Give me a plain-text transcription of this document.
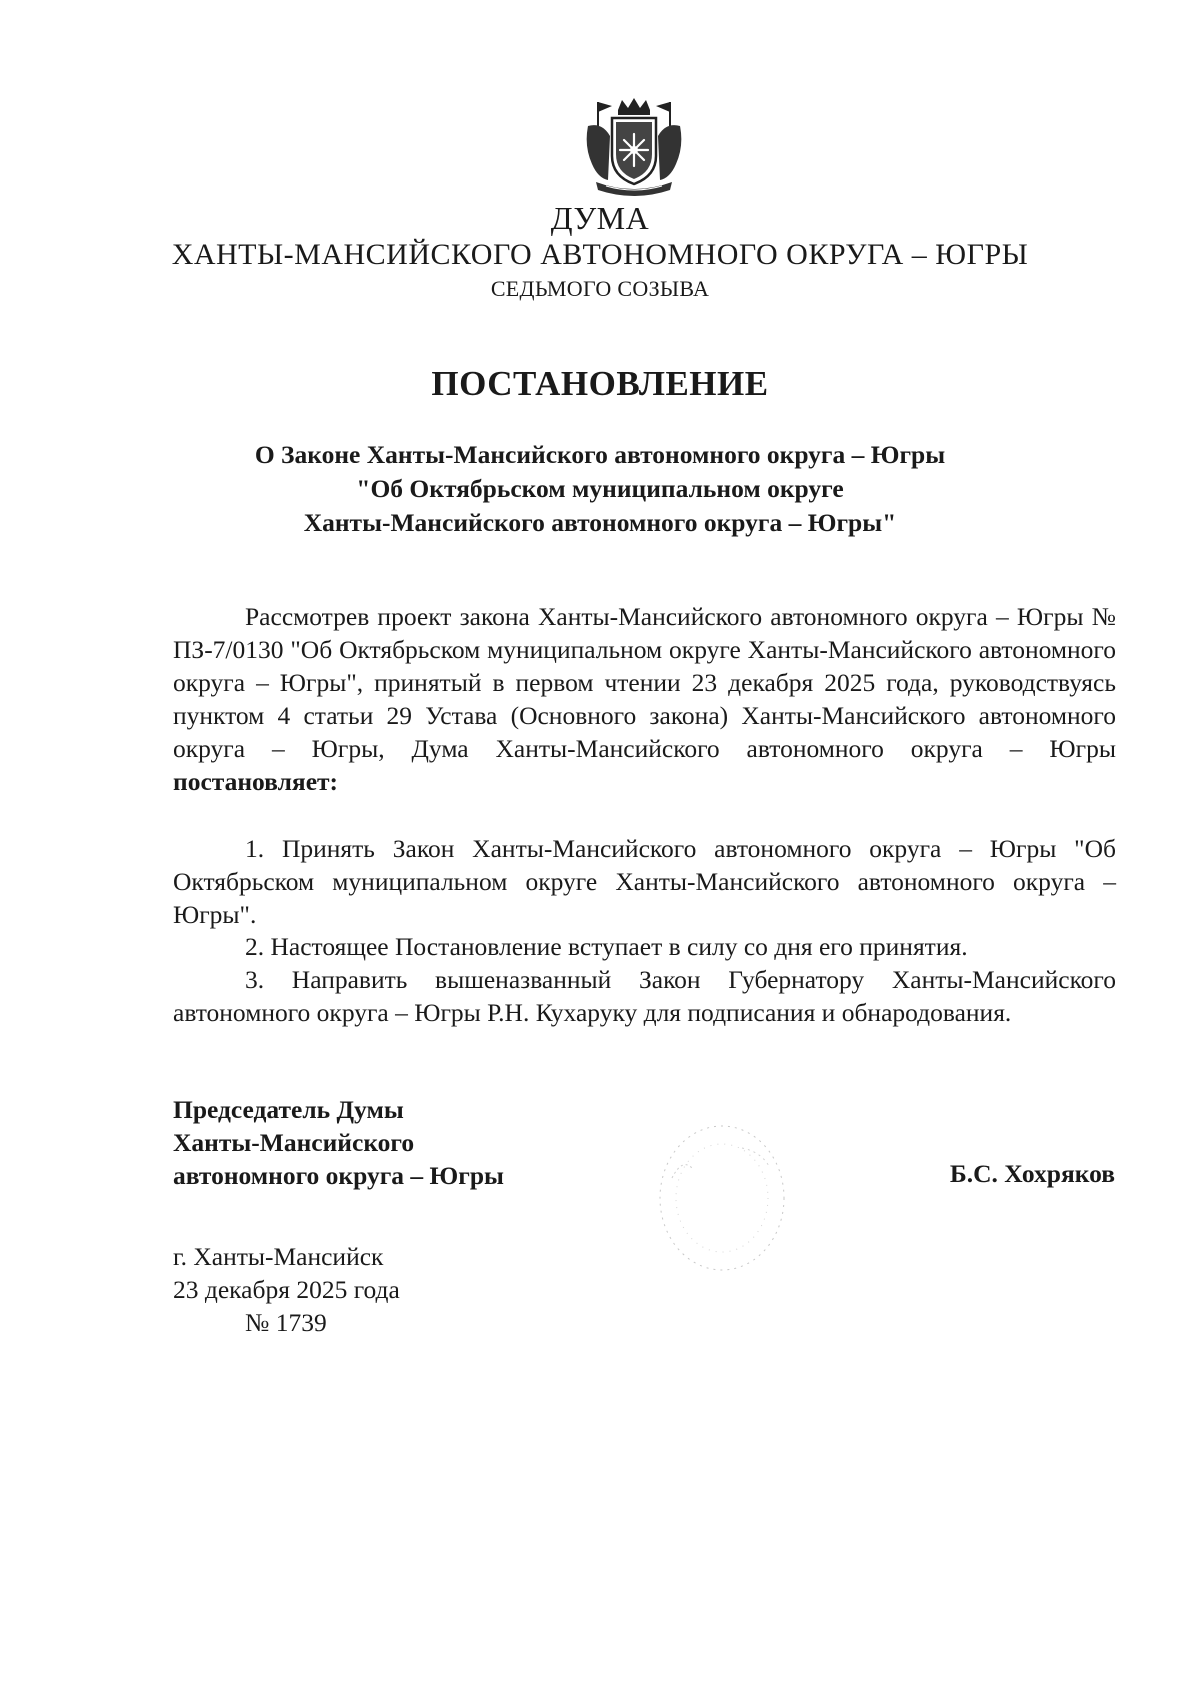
ДУМА
ХАНТЫ-МАНСИЙСКОГО АВТОНОМНОГО ОКРУГА – ЮГРЫ
СЕДЬМОГО СОЗЫВА
ПОСТАНОВЛЕНИЕ
О Законе Ханты-Мансийского автономного округа – Югры
"Об Октябрьском муниципальном округе
Ханты-Мансийского автономного округа – Югры"
Рассмотрев проект закона Ханты-Мансийского автономного округа – Югры № ПЗ-7/0130 "Об Октябрьском муниципальном округе Ханты-Мансийского автономного округа – Югры", принятый в первом чтении 23 декабря 2025 года, руководствуясь пунктом 4 статьи 29 Устава (Основного закона) Ханты-Мансийского автономного округа – Югры, Дума Ханты-Мансийского автономного округа – Югры постановляет:
1. Принять Закон Ханты-Мансийского автономного округа – Югры "Об Октябрьском муниципальном округе Ханты-Мансийского автономного округа – Югры".
2. Настоящее Постановление вступает в силу со дня его принятия.
3. Направить вышеназванный Закон Губернатору Ханты-Мансийского автономного округа – Югры Р.Н. Кухаруку для подписания и обнародования.
Председатель Думы
Ханты-Мансийского
автономного округа – Югры	Б.С. Хохряков
г. Ханты-Мансийск
23 декабря 2025 года
№ 1739
